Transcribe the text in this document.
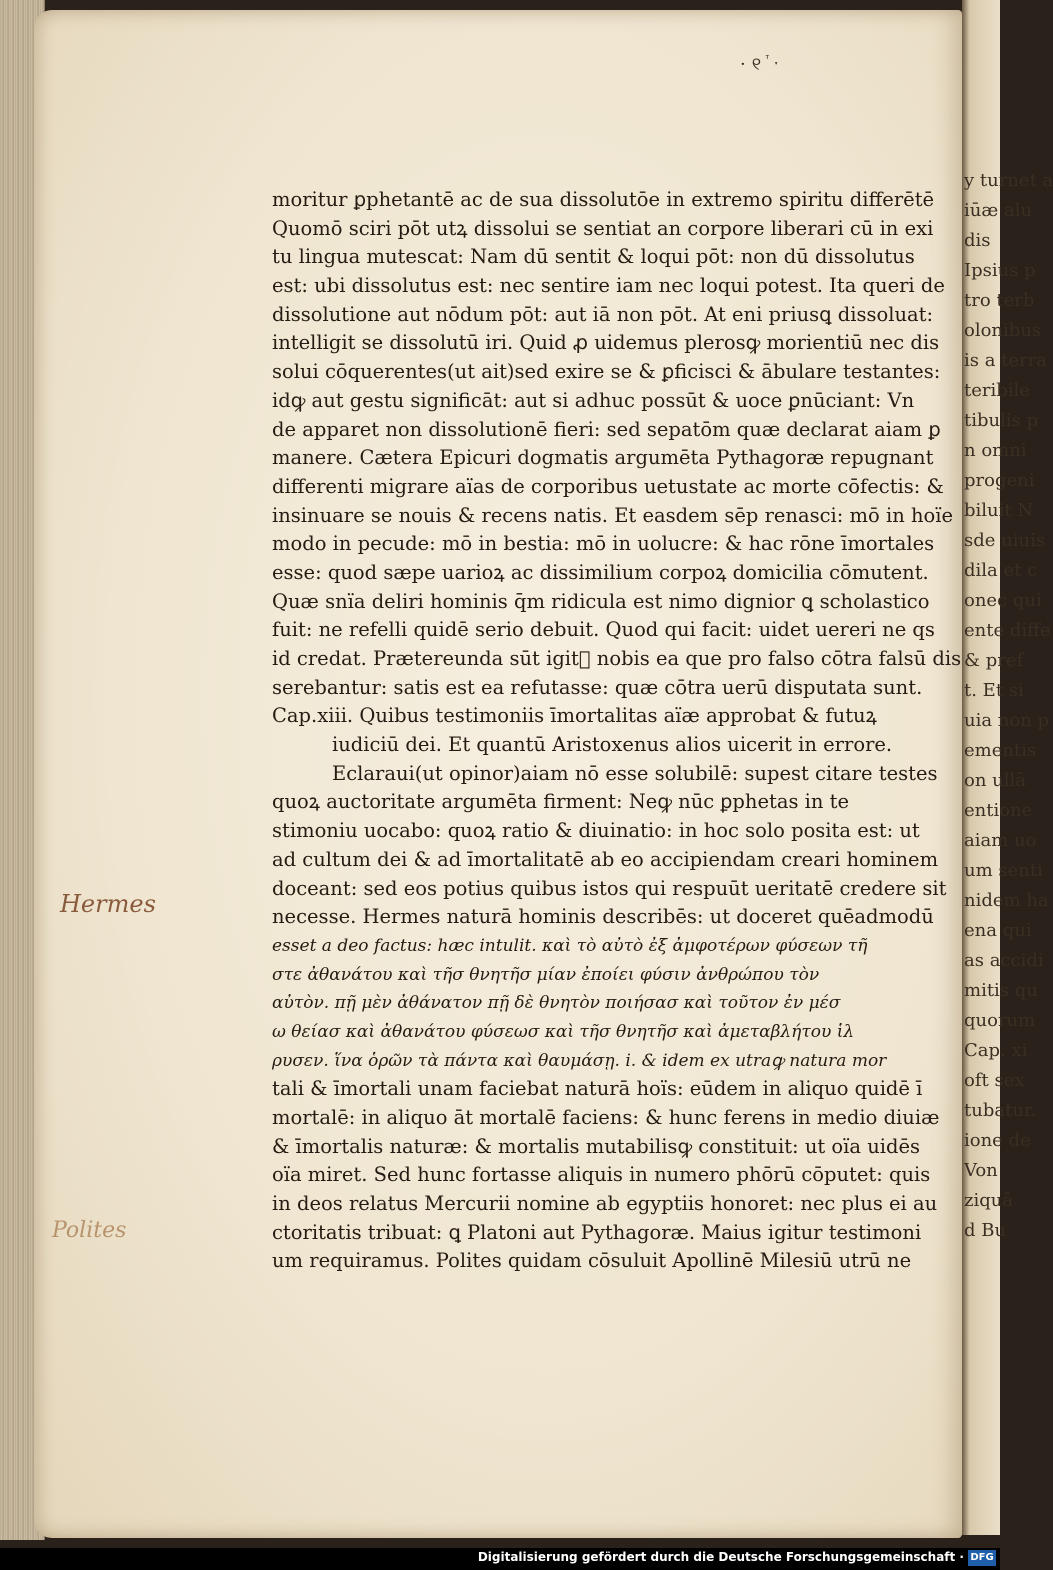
y turnet a
iūæ alu
dis
Ipsius p
tro terb
olonibus
is a terra
teribile
tibulis p
n omni
progeni
biluit N
sde uiuis
dila et c
onec qui
ente diffe
& pref
t. Et si
uia non p
ementis
on ullā
entione
aiam uo
um senti
nidem ha
ena qui
as accidi
mitis qu
quorum
Cap. xi
oft sex
tubatur.
ione de
Von
ziquā
d Bu
·୧ⷮˑ
moritur ꝑphetantē ac de sua dissolutōe in extremo spiritu differētē
Quomō sciri pōt utꝝ dissolui se sentiat an corpore liberari cū in exi
tu lingua mutescat: Nam dū sentit & loqui pōt: non dū dissolutus
est: ubi dissolutus est: nec sentire iam nec loqui potest. Ita queri de
dissolutione aut nōdum pōt: aut iā non pōt. At eni priusꝗ dissoluat:
intelligit se dissolutū iri. Quid ꝓ uidemus plerosꝙ morientiū nec dis
solui cōquerentes(ut ait)sed exire se & ꝑficisci & ābulare testantes:
idꝙ aut gestu significāt: aut si adhuc possūt & uoce ꝑnūciant: Vn
de apparet non dissolutionē fieri: sed sepatōm quæ declarat aiam ꝑ
manere. Cætera Epicuri dogmatis argumēta Pythagoræ repugnant
differenti migrare aïas de corporibus uetustate ac morte cōfectis: &
insinuare se nouis & recens natis. Et easdem sēp renasci: mō in hoïe
modo in pecude: mō in bestia: mō in uolucre: & hac rōne īmortales
esse: quod sæpe uarioꝝ ac dissimilium corpoꝝ domicilia cōmutent.
Quæ snïa deliri hominis q̄m ridicula est nimo dignior ꝗ scholastico
fuit: ne refelli quidē serio debuit. Quod qui facit: uidet uereri ne qs
id credat. Prætereunda sūt igit᷑ nobis ea que pro falso cōtra falsū dis
serebantur: satis est ea refutasse: quæ cōtra uerū disputata sunt.
Cap.xiii. Quibus testimoniis īmortalitas aïæ approbat & futuꝝ
iudiciū dei. Et quantū Aristoxenus alios uicerit in errore.
Eclaraui(ut opinor)aiam nō esse solubilē: supest citare testes
quoꝝ auctoritate argumēta firment: Neꝙ nūc ꝑphetas in te
stimoniu uocabo: quoꝝ ratio & diuinatio: in hoc solo posita est: ut
ad cultum dei & ad īmortalitatē ab eo accipiendam creari hominem
doceant: sed eos potius quibus istos qui respuūt ueritatē credere sit
necesse. Hermes naturā hominis describēs: ut doceret quēadmodū
esset a deo factus: hæc intulit. καὶ τὸ αὐτὸ ἐξ ἀμφοτέρων φύσεων τῆ
στε ἀθανάτου καὶ τῆσ θνητῆσ μίαν ἐποίει φύσιν ἀνθρώπου τὸν
αὐτὸν. πῇ μὲν ἀθάνατον πῇ δὲ θνητὸν ποιήσασ καὶ τοῦτον ἐν μέσ
ω θείασ καὶ ἀθανάτου φύσεωσ καὶ τῆσ θνητῆσ καὶ ἀμεταβλήτου ἱλ
ρυσεν. ἵνα ὁρῶν τὰ πάντα καὶ θαυμάσῃ. i. & idem ex utraꝙ natura mor
tali & īmortali unam faciebat naturā hoïs: eūdem in aliquo quidē ī
mortalē: in aliquo āt mortalē faciens: & hunc ferens in medio diuiæ
& īmortalis naturæ: & mortalis mutabilisꝙ constituit: ut oïa uidēs
oïa miret. Sed hunc fortasse aliquis in numero phōrū cōputet: quis
in deos relatus Mercurii nomine ab egyptiis honoret: nec plus ei au
ctoritatis tribuat: ꝗ Platoni aut Pythagoræ. Maius igitur testimoni
um requiramus. Polites quidam cōsuluit Apollinē Milesiū utrū ne
Hermes
Polites
Digitalisierung gefördert durch die Deutsche Forschungsgemeinschaft · DFG
